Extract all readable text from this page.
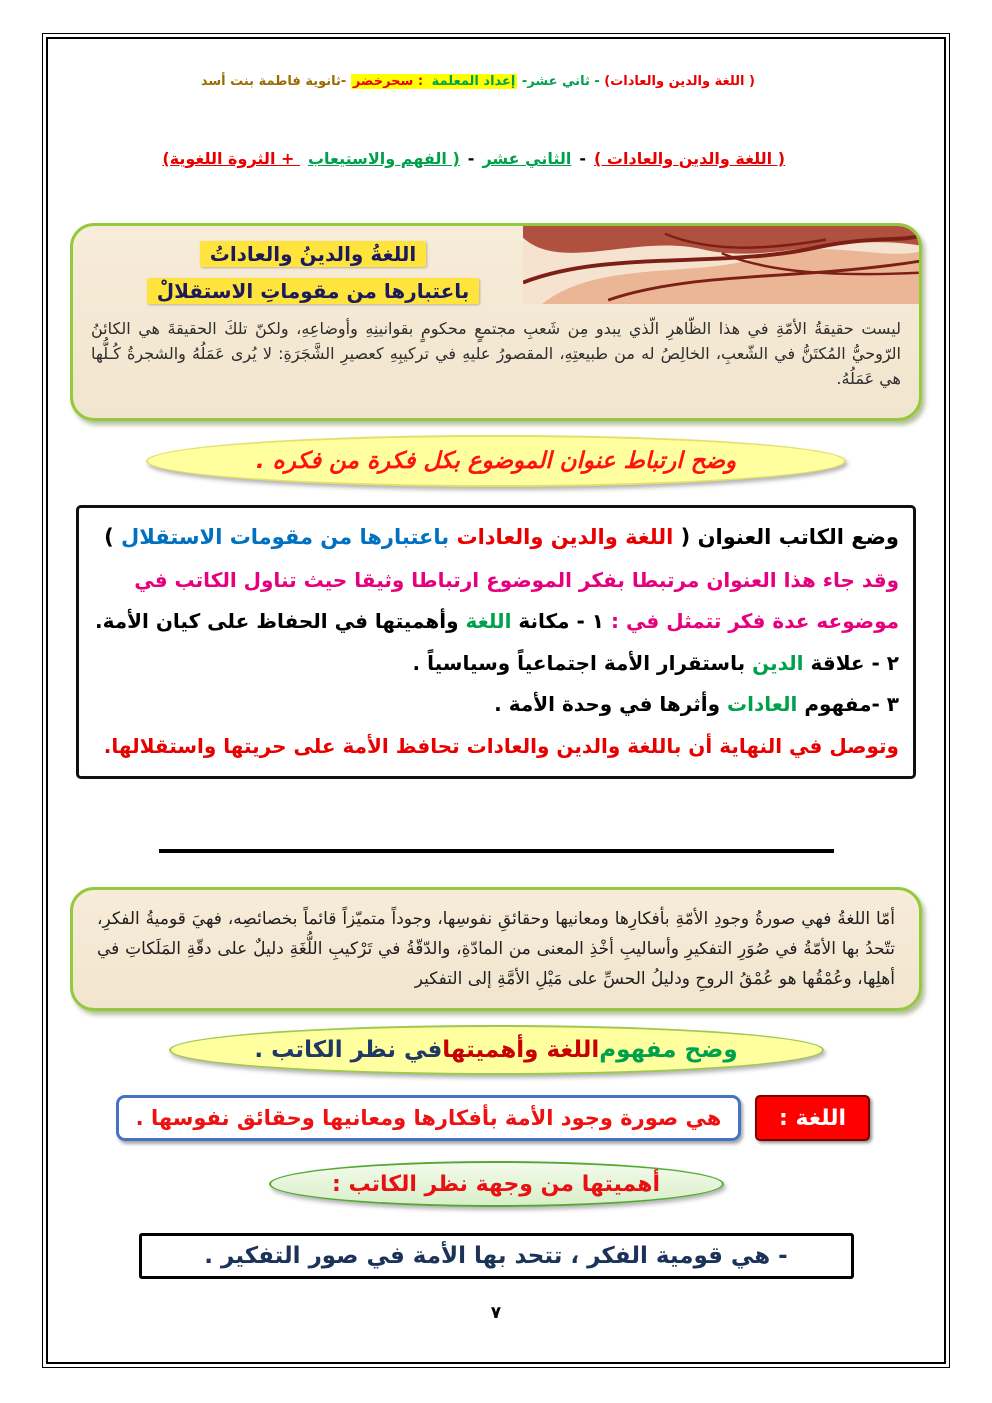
( اللغة والدين والعادات) - ثاني عشر- إعداد المعلمة : سحرخضر -ثانوية فاطمة بنت أسد

( اللغة والدين والعادات )-الثاني عشر-( الفهم والاستيعاب + الثروة اللغوية)

اللغةُ والدينُ والعاداتُ
باعتبارها من مقوماتِ الاستقلالْ

ليست حقيقةُ الأمّةِ في هذا الظّاهرِ الّذي يبدو مِن شَعبِ مجتمعٍ محكومٍ بقوانينِهِ وأوضاعِهِ، ولكنّ تلكَ الحقيقةَ هي الكائنُ الرّوحيُّ المُكتَنُّ في الشّعبِ، الخالِصُ له من طبيعتِهِ، المقصورُ عليهِ في تركيبِهِ كعصيرِ الشَّجَرَةِ: لا يُرى عَمَلُهُ والشجرةُ كُـلُّها هي عَمَلُهُ.

وضح ارتباط عنوان الموضوع بكل فكرة من فكره .

وضع الكاتب العنوان ( اللغة والدين والعادات باعتبارها من مقومات الاستقلال )

وقد جاء هذا العنوان مرتبطا بفكر الموضوع ارتباطا وثيقا حيث تناول الكاتب في

موضوعه عدة فكر تتمثل في : ١ - مكانة اللغة وأهميتها في الحفاظ على كيان الأمة.

٢ - علاقة الدين باستقرار الأمة اجتماعياً وسياسياً .

٣ -مفهوم العادات وأثرها في وحدة الأمة .

وتوصل في النهاية أن باللغة والدين والعادات تحافظ الأمة على حريتها واستقلالها.

أمّا اللغةُ فهي صورةُ وجودِ الأمّةِ بأفكارِها ومعانيها وحقائقِ نفوسِها، وجوداً متميّزاً قائماً بخصائصِه، فهيَ قوميةُ الفكرِ، تتّحدُ بها الأمّةُ في صُوَرِ التفكيرِ وأساليبِ أخْذِ المعنى من المادّةِ، والدّقّةُ في تَرْكيبِ اللُّغَةِ دليلٌ على دقّةِ المَلَكاتِ في أهلِها، وعُمْقُها هو عُمْقُ الروحِ ودليلُ الحسِّ على مَيْلِ الأمَّةِ إلى التفكير

وضح مفهوم
اللغة وأهميتها
في نظر الكاتب .
اللغة :
هي صورة وجود الأمة بأفكارها ومعانيها وحقائق نفوسها .
أهميتها من وجهة نظر الكاتب :
- هي قومية الفكر ، تتحد بها الأمة في صور التفكير .
٧
